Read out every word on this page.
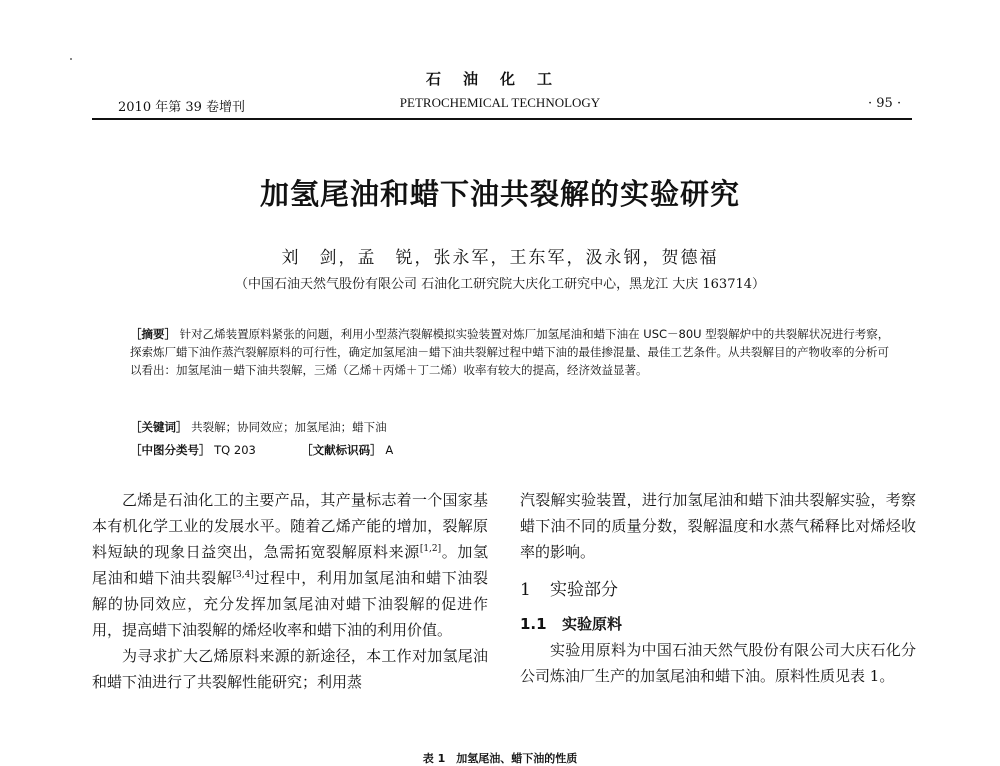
石油化工
2010 年第 39 卷增刊	PETROCHEMICAL TECHNOLOGY	· 95 ·
加氢尾油和蜡下油共裂解的实验研究
刘　剑，孟　锐，张永军，王东军，汲永钢，贺德福
（中国石油天然气股份有限公司 石油化工研究院大庆化工研究中心，黑龙江 大庆 163714）
［摘要］ 针对乙烯装置原料紧张的问题，利用小型蒸汽裂解模拟实验装置对炼厂加氢尾油和蜡下油在 USC－80U 型裂解炉中的共裂解状况进行考察，探索炼厂蜡下油作蒸汽裂解原料的可行性，确定加氢尾油－蜡下油共裂解过程中蜡下油的最佳掺混量、最佳工艺条件。从共裂解目的产物收率的分析可以看出：加氢尾油－蜡下油共裂解，三烯（乙烯＋丙烯＋丁二烯）收率有较大的提高，经济效益显著。
［关键词］ 共裂解；协同效应；加氢尾油；蜡下油
［中图分类号］ TQ 203	［文献标识码］ A

乙烯是石油化工的主要产品，其产量标志着一个国家基本有机化学工业的发展水平。随着乙烯产能的增加，裂解原料短缺的现象日益突出，急需拓宽裂解原料来源[1,2]。加氢尾油和蜡下油共裂解[3,4]过程中，利用加氢尾油和蜡下油裂解的协同效应，充分发挥加氢尾油对蜡下油裂解的促进作用，提高蜡下油裂解的烯烃收率和蜡下油的利用价值。

为寻求扩大乙烯原料来源的新途径，本工作对加氢尾油和蜡下油进行了共裂解性能研究；利用蒸

汽裂解实验装置，进行加氢尾油和蜡下油共裂解实验，考察蜡下油不同的质量分数，裂解温度和水蒸气稀释比对烯烃收率的影响。

1 实验部分

1.1 实验原料

实验用原料为中国石油天然气股份有限公司大庆石化分公司炼油厂生产的加氢尾油和蜡下油。原料性质见表 1。

表 1　加氢尾油、蜡下油的性质
